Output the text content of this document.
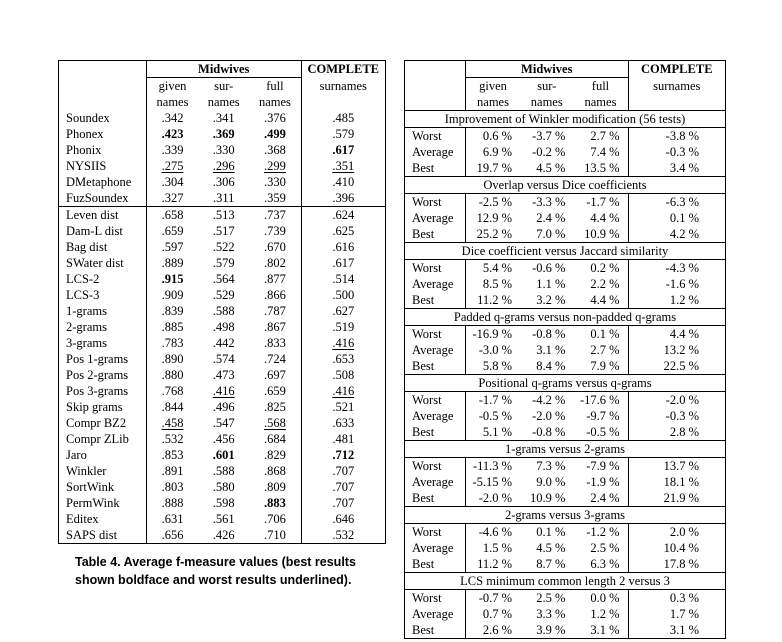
	Midwives			COMPLETE
	given	sur-	full	surnames
	names	names	names	
Soundex	.342	.341	.376	.485
Phonex	.423	.369	.499	.579
Phonix	.339	.330	.368	.617
NYSIIS	.275	.296	.299	.351
DMetaphone	.304	.306	.330	.410
FuzSoundex	.327	.311	.359	.396
Leven dist	.658	.513	.737	.624
Dam-L dist	.659	.517	.739	.625
Bag dist	.597	.522	.670	.616
SWater dist	.889	.579	.802	.617
LCS-2	.915	.564	.877	.514
LCS-3	.909	.529	.866	.500
1-grams	.839	.588	.787	.627
2-grams	.885	.498	.867	.519
3-grams	.783	.442	.833	.416
Pos 1-grams	.890	.574	.724	.653
Pos 2-grams	.880	.473	.697	.508
Pos 3-grams	.768	.416	.659	.416
Skip grams	.844	.496	.825	.521
Compr BZ2	.458	.547	.568	.633
Compr ZLib	.532	.456	.684	.481
Jaro	.853	.601	.829	.712
Winkler	.891	.588	.868	.707
SortWink	.803	.580	.809	.707
PermWink	.888	.598	.883	.707
Editex	.631	.561	.706	.646
SAPS dist	.656	.426	.710	.532
Table 4. Average f-measure values (best results shown boldface and worst results underlined).
	Midwives			COMPLETE
	given	sur-	full	surnames
	names	names	names	
Improvement of Winkler modification (56 tests)				
Worst	0.6 %	-3.7 %	2.7 %	-3.8 %
Average	6.9 %	-0.2 %	7.4 %	-0.3 %
Best	19.7 %	4.5 %	13.5 %	3.4 %
Overlap versus Dice coefficients				
Worst	-2.5 %	-3.3 %	-1.7 %	-6.3 %
Average	12.9 %	2.4 %	4.4 %	0.1 %
Best	25.2 %	7.0 %	10.9 %	4.2 %
Dice coefficient versus Jaccard similarity				
Worst	5.4 %	-0.6 %	0.2 %	-4.3 %
Average	8.5 %	1.1 %	2.2 %	-1.6 %
Best	11.2 %	3.2 %	4.4 %	1.2 %
Padded q-grams versus non-padded q-grams				
Worst	-16.9 %	-0.8 %	0.1 %	4.4 %
Average	-3.0 %	3.1 %	2.7 %	13.2 %
Best	5.8 %	8.4 %	7.9 %	22.5 %
Positional q-grams versus q-grams				
Worst	-1.7 %	-4.2 %	-17.6 %	-2.0 %
Average	-0.5 %	-2.0 %	-9.7 %	-0.3 %
Best	5.1 %	-0.8 %	-0.5 %	2.8 %
1-grams versus 2-grams				
Worst	-11.3 %	7.3 %	-7.9 %	13.7 %
Average	-5.15 %	9.0 %	-1.9 %	18.1 %
Best	-2.0 %	10.9 %	2.4 %	21.9 %
2-grams versus 3-grams				
Worst	-4.6 %	0.1 %	-1.2 %	2.0 %
Average	1.5 %	4.5 %	2.5 %	10.4 %
Best	11.2 %	8.7 %	6.3 %	17.8 %
LCS minimum common length 2 versus 3				
Worst	-0.7 %	2.5 %	0.0 %	0.3 %
Average	0.7 %	3.3 %	1.2 %	1.7 %
Best	2.6 %	3.9 %	3.1 %	3.1 %
